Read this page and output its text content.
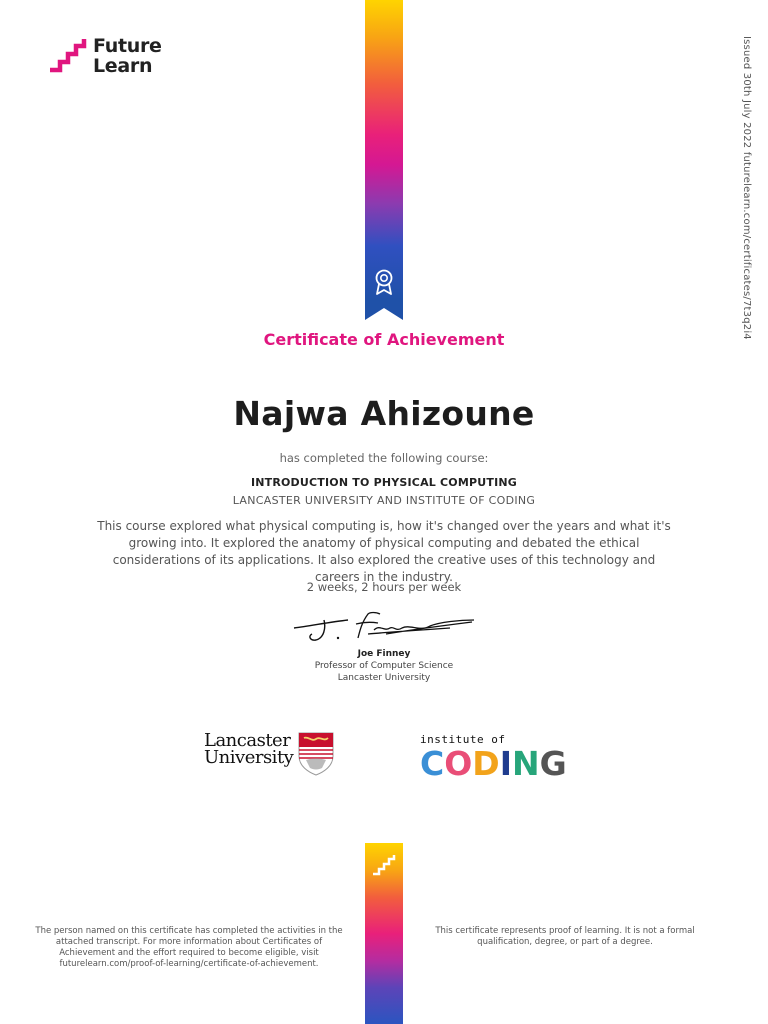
Future
Learn	Issued 30th July 2022 futurelearn.com/certificates/7t3q2i4
Certificate of Achievement
Najwa Ahizoune
has completed the following course:
INTRODUCTION TO PHYSICAL COMPUTING
LANCASTER UNIVERSITY AND INSTITUTE OF CODING
This course explored what physical computing is, how it's changed over the years and what it's growing into. It explored the anatomy of physical computing and debated the ethical considerations of its applications. It also explored the creative uses of this technology and careers in the industry.
2 weeks, 2 hours per week
Joe Finney
Professor of Computer Science
Lancaster University
Lancaster
University
institute of
C O D I N G
The person named on this certificate has completed the activities in the attached transcript. For more information about Certificates of Achievement and the effort required to become eligible, visit futurelearn.com/proof-of-learning/certificate-of-achievement.
This certificate represents proof of learning. It is not a formal qualification, degree, or part of a degree.
